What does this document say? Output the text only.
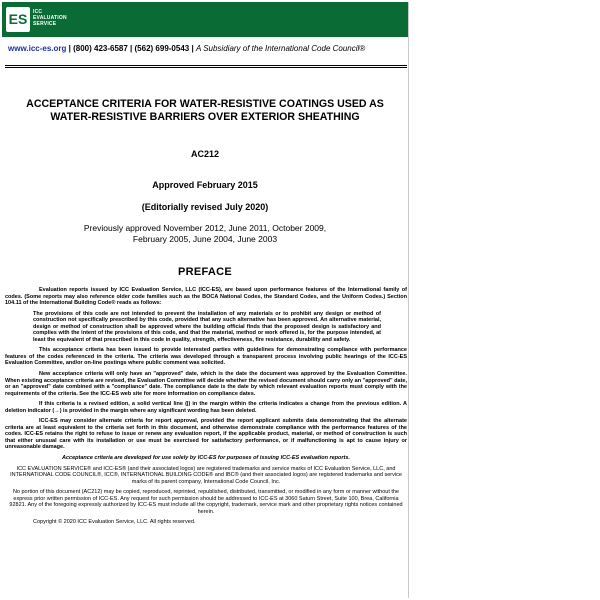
ES	ICC
EVALUATION
SERVICE
www.icc-es.org | (800) 423-6587 | (562) 699-0543 | A Subsidiary of the International Code Council®
ACCEPTANCE CRITERIA FOR WATER-RESISTIVE COATINGS USED AS
WATER-RESISTIVE BARRIERS OVER EXTERIOR SHEATHING
AC212
Approved February 2015
(Editorially revised July 2020)
Previously approved November 2012, June 2011, October 2009,
February 2005, June 2004, June 2003
PREFACE

Evaluation reports issued by ICC Evaluation Service, LLC (ICC-ES), are based upon performance features of the International family of codes. (Some reports may also reference older code families such as the BOCA National Codes, the Standard Codes, and the Uniform Codes.) Section 104.11 of the International Building Code® reads as follows:

The provisions of this code are not intended to prevent the installation of any materials or to prohibit any design or method of construction not specifically prescribed by this code, provided that any such alternative has been approved. An alternative material, design or method of construction shall be approved where the building official finds that the proposed design is satisfactory and complies with the intent of the provisions of this code, and that the material, method or work offered is, for the purpose intended, at least the equivalent of that prescribed in this code in quality, strength, effectiveness, fire resistance, durability and safety.

This acceptance criteria has been issued to provide interested parties with guidelines for demonstrating compliance with performance features of the codes referenced in the criteria. The criteria was developed through a transparent process involving public hearings of the ICC-ES Evaluation Committee, and/or on-line postings where public comment was solicited.

New acceptance criteria will only have an "approved" date, which is the date the document was approved by the Evaluation Committee. When existing acceptance criteria are revised, the Evaluation Committee will decide whether the revised document should carry only an "approved" date, or an "approved" date combined with a "compliance" date. The compliance date is the date by which relevant evaluation reports must comply with the requirements of the criteria. See the ICC-ES web site for more information on compliance dates.

If this criteria is a revised edition, a solid vertical line (|) in the margin within the criteria indicates a change from the previous edition. A deletion indicator (→) is provided in the margin where any significant wording has been deleted.

ICC-ES may consider alternate criteria for report approval, provided the report applicant submits data demonstrating that the alternate criteria are at least equivalent to the criteria set forth in this document, and otherwise demonstrate compliance with the performance features of the codes. ICC-ES retains the right to refuse to issue or renew any evaluation report, if the applicable product, material, or method of construction is such that either unusual care with its installation or use must be exercised for satisfactory performance, or if malfunctioning is apt to cause injury or unreasonable damage.

Acceptance criteria are developed for use solely by ICC-ES for purposes of issuing ICC-ES evaluation reports.

ICC EVALUATION SERVICE® and ICC-ES® (and their associated logos) are registered trademarks and service marks of ICC Evaluation Service, LLC, and INTERNATIONAL CODE COUNCIL®, ICC®, INTERNATIONAL BUILDING CODE® and IBC® (and their associated logos) are registered trademarks and service marks of its parent company, International Code Council, Inc.

No portion of this document (AC212) may be copied, reproduced, reprinted, republished, distributed, transmitted, or modified in any form or manner without the express prior written permission of ICC-ES. Any request for such permission should be addressed to ICC-ES at 3060 Saturn Street, Suite 100, Brea, California 92821. Any of the foregoing expressly authorized by ICC-ES must include all the copyright, trademark, service mark and other proprietary rights notices contained herein.

Copyright © 2020 ICC Evaluation Service, LLC. All rights reserved.
